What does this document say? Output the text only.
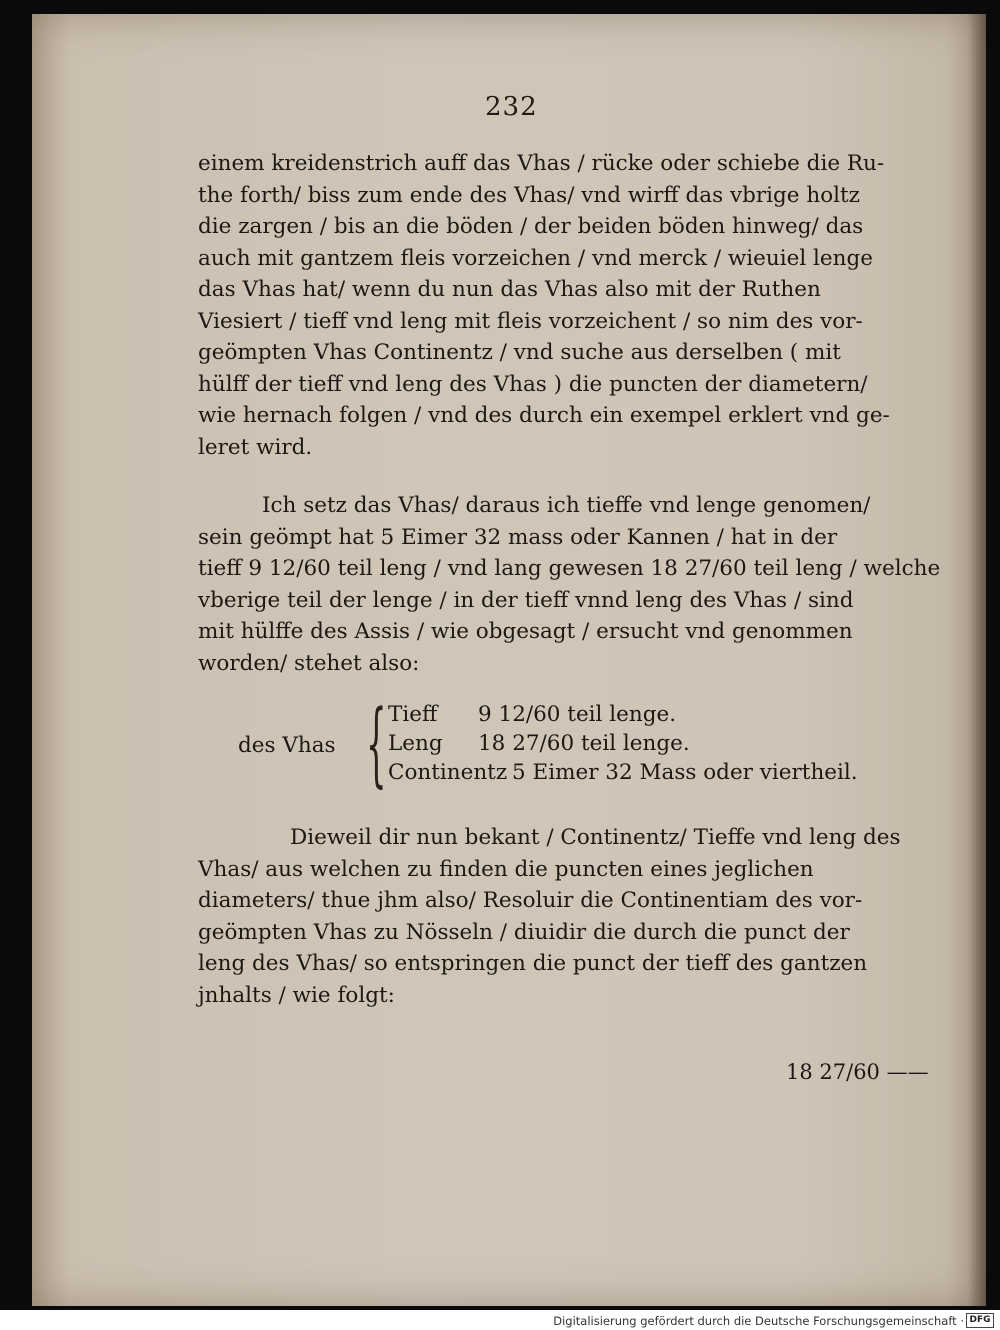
232
einem kreidenstrich auff das Vhas / rücke oder schiebe die Ru-
the forth/ biss zum ende des Vhas/ vnd wirff das vbrige holtz
die zargen / bis an die böden / der beiden böden hinweg/ das
auch mit gantzem fleis vorzeichen / vnd merck / wieuiel lenge
das Vhas hat/ wenn du nun das Vhas also mit der Ruthen
Viesiert / tieff vnd leng mit fleis vorzeichent / so nim des vor-
geömpten Vhas Continentz / vnd suche aus derselben ( mit
hülff der tieff vnd leng des Vhas ) die puncten der diametern/
wie hernach folgen / vnd des durch ein exempel erklert vnd ge-
leret wird.
Ich setz das Vhas/ daraus ich tieffe vnd lenge genomen/
sein geömpt hat 5 Eimer 32 mass oder Kannen / hat in der
tieff 9 12/60 teil leng / vnd lang gewesen 18 27/60 teil leng / welche
vberige teil der lenge / in der tieff vnnd leng des Vhas / sind
mit hülffe des Assis / wie obgesagt / ersucht vnd genommen
worden/ stehet also:
des Vhas { Tieff	9 12/60 teil lenge.
Leng	18 27/60 teil lenge.
Continentz 5 Eimer 32 Mass oder viertheil.
Dieweil dir nun bekant / Continentz/ Tieffe vnd leng des
Vhas/ aus welchen zu finden die puncten eines jeglichen
diameters/ thue jhm also/ Resoluir die Continentiam des vor-
geömpten Vhas zu Nösseln / diuidir die durch die punct der
leng des Vhas/ so entspringen die punct der tieff des gantzen
jnhalts / wie folgt:
18 27/60 ——
Digitalisierung gefördert durch die Deutsche Forschungsgemeinschaft · DFG
